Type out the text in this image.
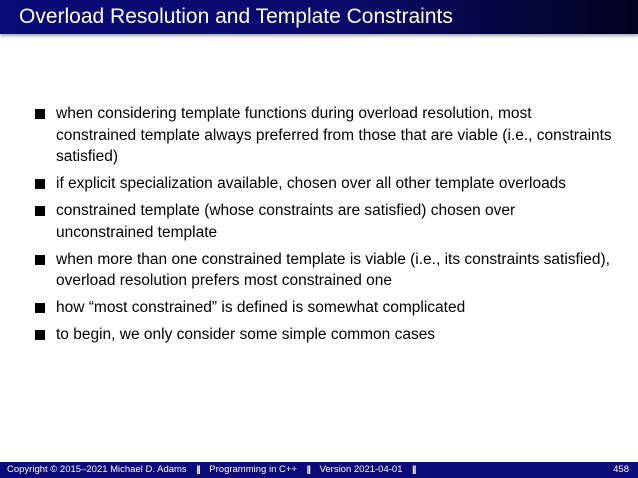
Overload Resolution and Template Constraints
when considering template functions during overload resolution, most constrained template always preferred from those that are viable (i.e., constraints satisfied)
if explicit specialization available, chosen over all other template overloads
constrained template (whose constraints are satisfied) chosen over unconstrained template
when more than one constrained template is viable (i.e., its constraints satisfied), overload resolution prefers most constrained one
how “most constrained” is defined is somewhat complicated
to begin, we only consider some simple common cases
Copyright © 2015–2021 Michael D. Adams || Programming in C++ || Version 2021-04-01 ||	458
